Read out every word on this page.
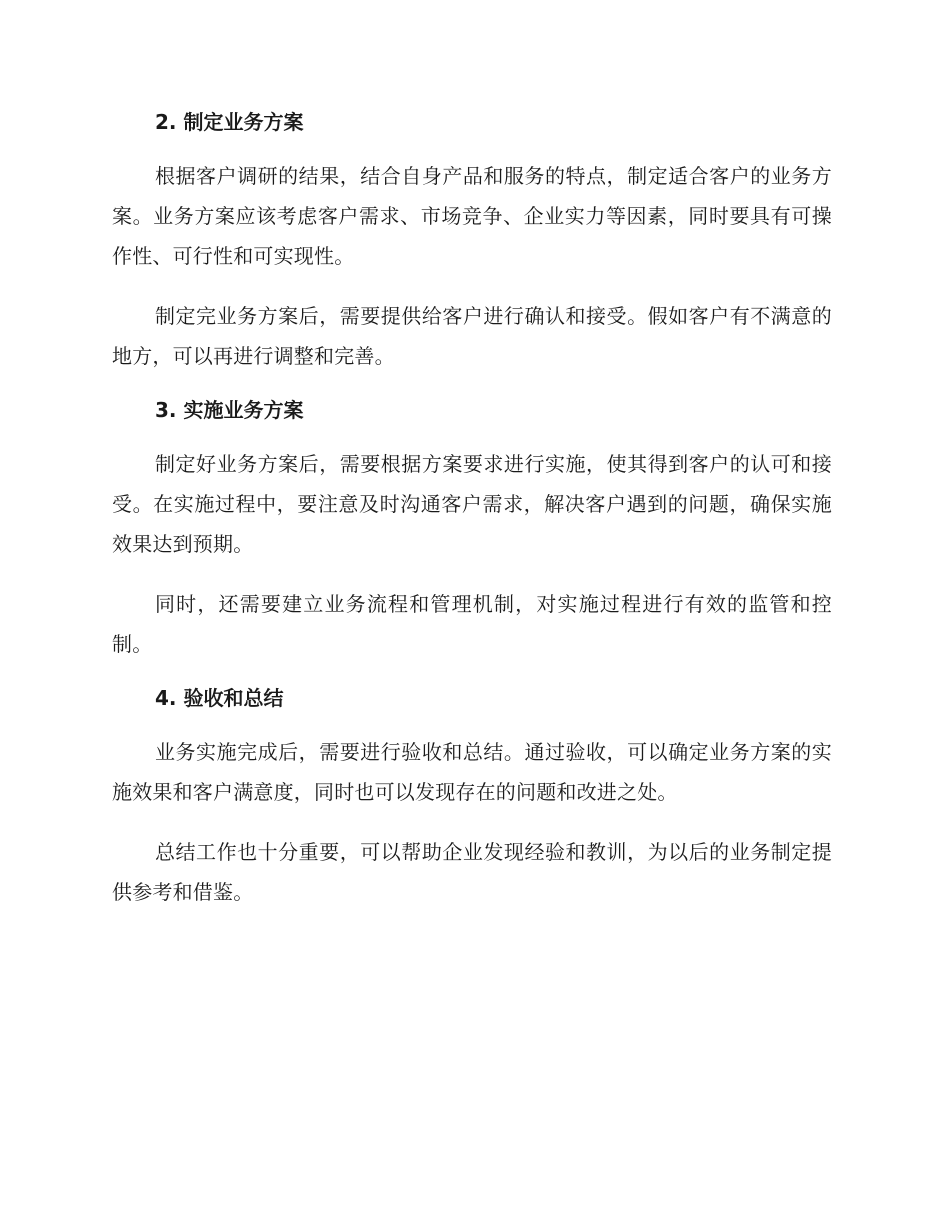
2. 制定业务方案

根据客户调研的结果，结合自身产品和服务的特点，制定适合客户的业务方案。业务方案应该考虑客户需求、市场竞争、企业实力等因素，同时要具有可操作性、可行性和可实现性。

制定完业务方案后，需要提供给客户进行确认和接受。假如客户有不满意的地方，可以再进行调整和完善。

3. 实施业务方案

制定好业务方案后，需要根据方案要求进行实施，使其得到客户的认可和接受。在实施过程中，要注意及时沟通客户需求，解决客户遇到的问题，确保实施效果达到预期。

同时，还需要建立业务流程和管理机制，对实施过程进行有效的监管和控制。

4. 验收和总结

业务实施完成后，需要进行验收和总结。通过验收，可以确定业务方案的实施效果和客户满意度，同时也可以发现存在的问题和改进之处。

总结工作也十分重要，可以帮助企业发现经验和教训，为以后的业务制定提供参考和借鉴。
